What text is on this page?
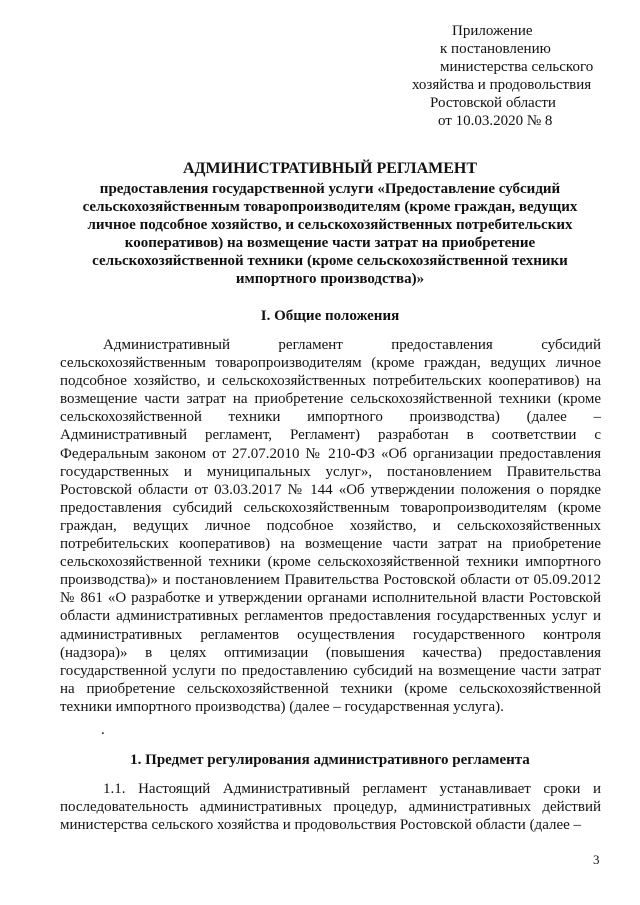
Приложение
к постановлению
министерства сельского
хозяйства и продовольствия
Ростовской области
от 10.03.2020 № 8
АДМИНИСТРАТИВНЫЙ РЕГЛАМЕНТ
предоставления государственной услуги «Предоставление субсидий сельскохозяйственным товаропроизводителям (кроме граждан, ведущих личное подсобное хозяйство, и сельскохозяйственных потребительских кооперативов) на возмещение части затрат на приобретение сельскохозяйственной техники (кроме сельскохозяйственной техники импортного производства)»
I. Общие положения

Административный регламент предоставления субсидий сельскохозяйственным товаропроизводителям (кроме граждан, ведущих личное подсобное хозяйство, и сельскохозяйственных потребительских кооперативов) на возмещение части затрат на приобретение сельскохозяйственной техники (кроме сельскохозяйственной техники импортного производства) (далее – Административный регламент, Регламент) разработан в соответствии с Федеральным законом от 27.07.2010 № 210-ФЗ «Об организации предоставления государственных и муниципальных услуг», постановлением Правительства Ростовской области от 03.03.2017 № 144 «Об утверждении положения о порядке предоставления субсидий сельскохозяйственным товаропроизводителям (кроме граждан, ведущих личное подсобное хозяйство, и сельскохозяйственных потребительских кооперативов) на возмещение части затрат на приобретение сельскохозяйственной техники (кроме сельскохозяйственной техники импортного производства)» и постановлением Правительства Ростовской области от 05.09.2012 № 861 «О разработке и утверждении органами исполнительной власти Ростовской области административных регламентов предоставления государственных услуг и административных регламентов осуществления государственного контроля (надзора)» в целях оптимизации (повышения качества) предоставления государственной услуги по предоставлению субсидий на возмещение части затрат на приобретение сельскохозяйственной техники (кроме сельскохозяйственной техники импортного производства) (далее – государственная услуга).

.
1. Предмет регулирования административного регламента

1.1. Настоящий Административный регламент устанавливает сроки и последовательность административных процедур, административных действий министерства сельского хозяйства и продовольствия Ростовской области (далее –

3
